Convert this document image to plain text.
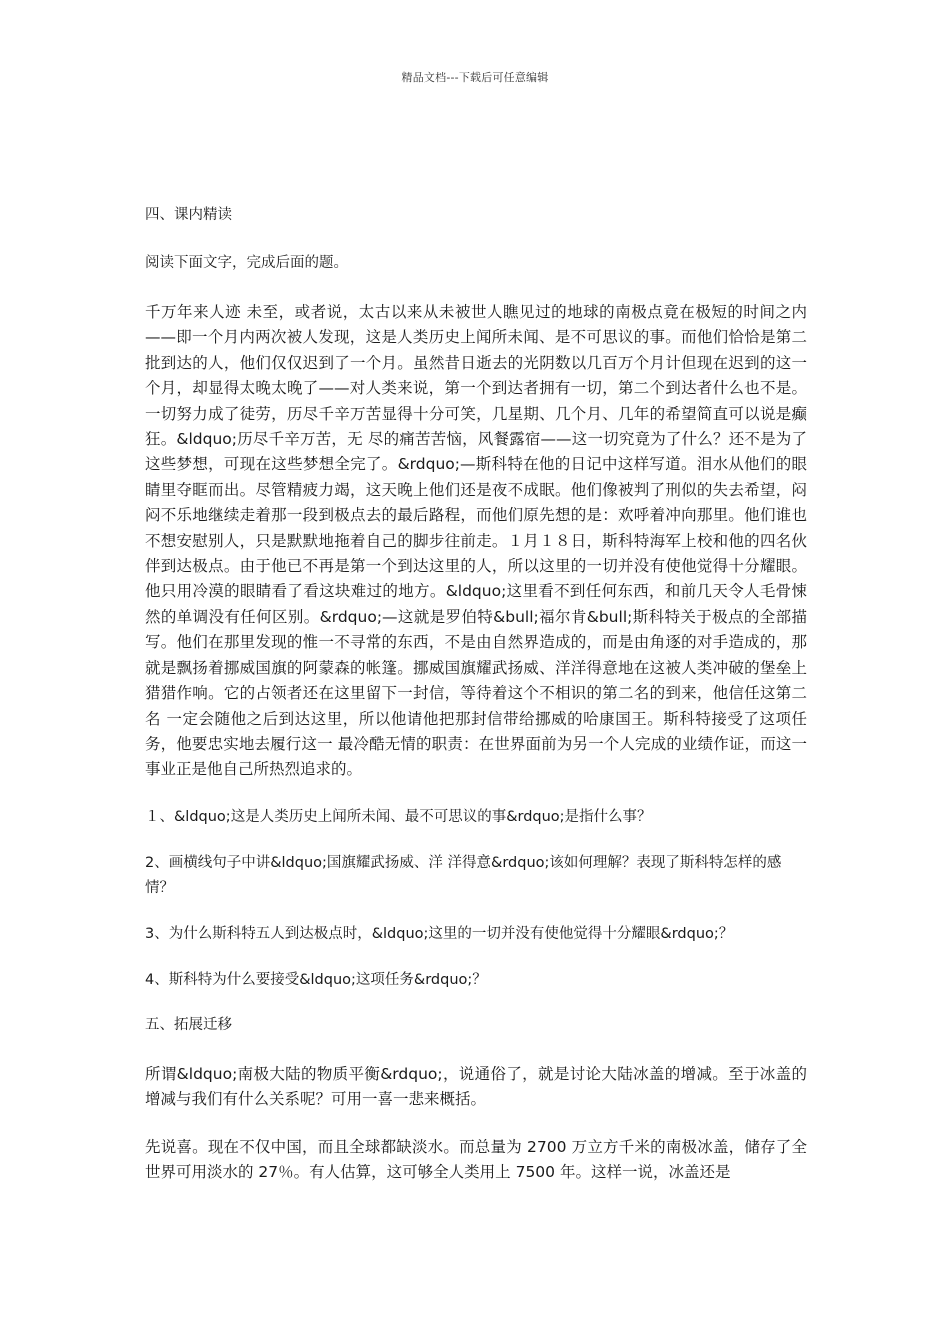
精品文档---下载后可任意编辑
四、课内精读
阅读下面文字，完成后面的题。
千万年来人迹 未至，或者说，太古以来从未被世人瞧见过的地球的南极点竟在极短的时间之内——即一个月内两次被人发现，这是人类历史上闻所未闻、是不可思议的事。而他们恰恰是第二批到达的人，他们仅仅迟到了一个月。虽然昔日逝去的光阴数以几百万个月计但现在迟到的这一个月，却显得太晚太晚了——对人类来说，第一个到达者拥有一切，第二个到达者什么也不是。一切努力成了徒劳，历尽千辛万苦显得十分可笑，几星期、几个月、几年的希望简直可以说是癫狂。&ldquo;历尽千辛万苦，无 尽的痛苦苦恼，风餐露宿——这一切究竟为了什么？还不是为了这些梦想，可现在这些梦想全完了。&rdquo;—斯科特在他的日记中这样写道。泪水从他们的眼睛里夺眶而出。尽管精疲力竭，这天晚上他们还是夜不成眠。他们像被判了刑似的失去希望，闷闷不乐地继续走着那一段到极点去的最后路程，而他们原先想的是：欢呼着冲向那里。他们谁也不想安慰别人，只是默默地拖着自己的脚步往前走。１月１８日，斯科特海军上校和他的四名伙伴到达极点。由于他已不再是第一个到达这里的人，所以这里的一切并没有使他觉得十分耀眼。他只用冷漠的眼睛看了看这块难过的地方。&ldquo;这里看不到任何东西，和前几天令人毛骨悚然的单调没有任何区别。&rdquo;—这就是罗伯特&bull;福尔肯&bull;斯科特关于极点的全部描写。他们在那里发现的惟一不寻常的东西，不是由自然界造成的，而是由角逐的对手造成的，那就是飘扬着挪威国旗的阿蒙森的帐篷。挪威国旗耀武扬威、洋洋得意地在这被人类冲破的堡垒上猎猎作响。它的占领者还在这里留下一封信，等待着这个不相识的第二名的到来，他信任这第二名 一定会随他之后到达这里，所以他请他把那封信带给挪威的哈康国王。斯科特接受了这项任务，他要忠实地去履行这一 最冷酷无情的职责：在世界面前为另一个人完成的业绩作证，而这一事业正是他自己所热烈追求的。
１、&ldquo;这是人类历史上闻所未闻、最不可思议的事&rdquo;是指什么事？
2、画横线句子中讲&ldquo;国旗耀武扬威、洋 洋得意&rdquo;该如何理解？表现了斯科特怎样的感情？
3、为什么斯科特五人到达极点时，&ldquo;这里的一切并没有使他觉得十分耀眼&rdquo;？
4、斯科特为什么要接受&ldquo;这项任务&rdquo;？
五、拓展迁移
所谓&ldquo;南极大陆的物质平衡&rdquo;，说通俗了，就是讨论大陆冰盖的增减。至于冰盖的增减与我们有什么关系呢？可用一喜一悲来概括。
先说喜。现在不仅中国，而且全球都缺淡水。而总量为 2700 万立方千米的南极冰盖，储存了全世界可用淡水的 27％。有人估算，这可够全人类用上 7500 年。这样一说，冰盖还是
